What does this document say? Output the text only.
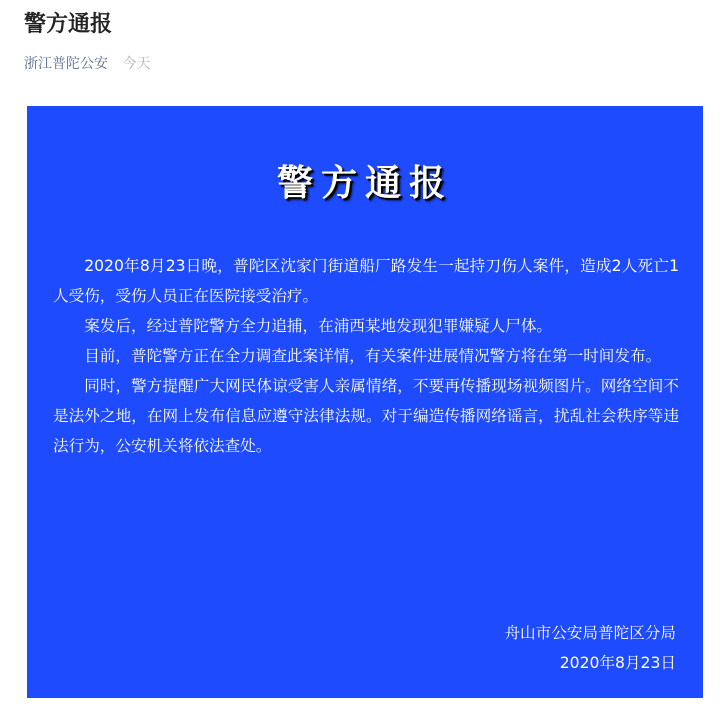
警方通报
浙江普陀公安 今天
警方通报

2020年8月23日晚，普陀区沈家门街道船厂路发生一起持刀伤人案件，造成2人死亡1人受伤，受伤人员正在医院接受治疗。

案发后，经过普陀警方全力追捕，在浦西某地发现犯罪嫌疑人尸体。

目前，普陀警方正在全力调查此案详情，有关案件进展情况警方将在第一时间发布。

同时，警方提醒广大网民体谅受害人亲属情绪，不要再传播现场视频图片。网络空间不是法外之地，在网上发布信息应遵守法律法规。对于编造传播网络谣言，扰乱社会秩序等违法行为，公安机关将依法查处。

舟山市公安局普陀区分局
2020年8月23日
